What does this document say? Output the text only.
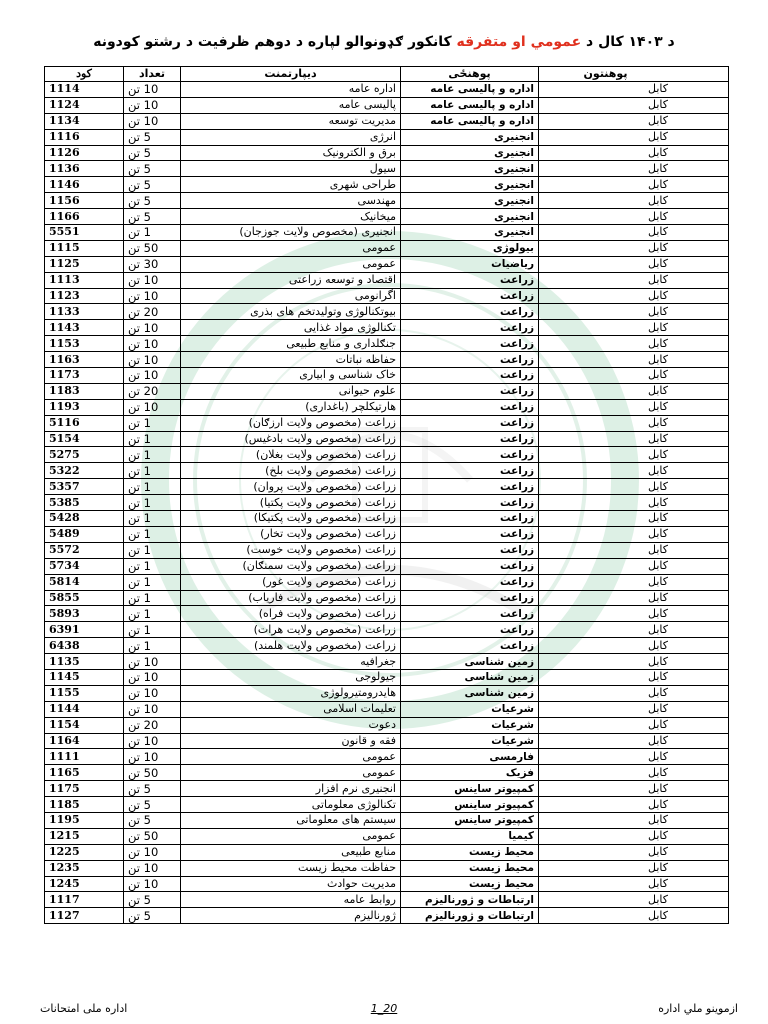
د ۱۴۰۳ کال د عمومي او متفرقه کانکور ګډونوالو لپاره د دوهم ظرفیت د رشتو کودونه
کود	تعداد	دیپارتمنت	پوهنځی	پوهنتون
1114	10 تن	اداره عامه	اداره و پالیسی عامه	کابل
1124	10 تن	پالیسی عامه	اداره و پالیسی عامه	کابل
1134	10 تن	مدیریت توسعه	اداره و پالیسی عامه	کابل
1116	5 تن	انرژی	انجنیری	کابل
1126	5 تن	برق و الکترونیک	انجنیری	کابل
1136	5 تن	سیول	انجنیری	کابل
1146	5 تن	طراحی شهری	انجنیری	کابل
1156	5 تن	مهندسی	انجنیری	کابل
1166	5 تن	میخانیک	انجنیری	کابل
5551	1 تن	انجنیری (مخصوص ولایت جوزجان)	انجنیری	کابل
1115	50 تن	عمومی	بیولوژی	کابل
1125	30 تن	عمومی	ریاضیات	کابل
1113	10 تن	اقتصاد و توسعه زراعتی	زراعت	کابل
1123	10 تن	اگرانومی	زراعت	کابل
1133	20 تن	بیوتکنالوژی وتولیدتخم های بذری	زراعت	کابل
1143	10 تن	تکنالوژی مواد غذایی	زراعت	کابل
1153	10 تن	جنګلداری و منابع طبیعی	زراعت	کابل
1163	10 تن	حفاظه نباتات	زراعت	کابل
1173	10 تن	خاک شناسی و ابیاری	زراعت	کابل
1183	20 تن	علوم حیوانی	زراعت	کابل
1193	10 تن	هارتیکلچر (باغداری)	زراعت	کابل
5116	1 تن	زراعت (مخصوص ولایت ارزګان)	زراعت	کابل
5154	1 تن	زراعت (مخصوص ولایت بادغیس)	زراعت	کابل
5275	1 تن	زراعت (مخصوص ولایت بغلان)	زراعت	کابل
5322	1 تن	زراعت (مخصوص ولایت بلخ)	زراعت	کابل
5357	1 تن	زراعت (مخصوص ولایت پروان)	زراعت	کابل
5385	1 تن	زراعت (مخصوص ولایت پکتیا)	زراعت	کابل
5428	1 تن	زراعت (مخصوص ولایت پکتیکا)	زراعت	کابل
5489	1 تن	زراعت (مخصوص ولایت تخار)	زراعت	کابل
5572	1 تن	زراعت (مخصوص ولایت خوست)	زراعت	کابل
5734	1 تن	زراعت (مخصوص ولایت سمنګان)	زراعت	کابل
5814	1 تن	زراعت (مخصوص ولایت غور)	زراعت	کابل
5855	1 تن	زراعت (مخصوص ولایت فاریاب)	زراعت	کابل
5893	1 تن	زراعت (مخصوص ولایت فراه)	زراعت	کابل
6391	1 تن	زراعت (مخصوص ولایت هرات)	زراعت	کابل
6438	1 تن	زراعت (مخصوص ولایت هلمند)	زراعت	کابل
1135	10 تن	جغرافیه	زمین شناسی	کابل
1145	10 تن	جیولوجی	زمین شناسی	کابل
1155	10 تن	هایدرومتیرولوژی	زمین شناسی	کابل
1144	10 تن	تعلیمات اسلامی	شرعیات	کابل
1154	20 تن	دعوت	شرعیات	کابل
1164	10 تن	فقه و قانون	شرعیات	کابل
1111	10 تن	عمومی	فارمسی	کابل
1165	50 تن	عمومی	فزیک	کابل
1175	5 تن	انجنیری نرم افزار	کمپیوتر ساینس	کابل
1185	5 تن	تکنالوژی معلوماتی	کمپیوتر ساینس	کابل
1195	5 تن	سیستم های معلوماتی	کمپیوتر ساینس	کابل
1215	50 تن	عمومی	کیمیا	کابل
1225	10 تن	منابع طبیعی	محیط زیست	کابل
1235	10 تن	حفاظت محیط زیست	محیط زیست	کابل
1245	10 تن	مدیریت حوادث	محیط زیست	کابل
1117	5 تن	روابط عامه	ارتباطات و ژورنالیزم	کابل
1127	5 تن	ژورنالیزم	ارتباطات و ژورنالیزم	کابل
اداره ملی امتحانات	1_20	ازموینو ملي اداره
